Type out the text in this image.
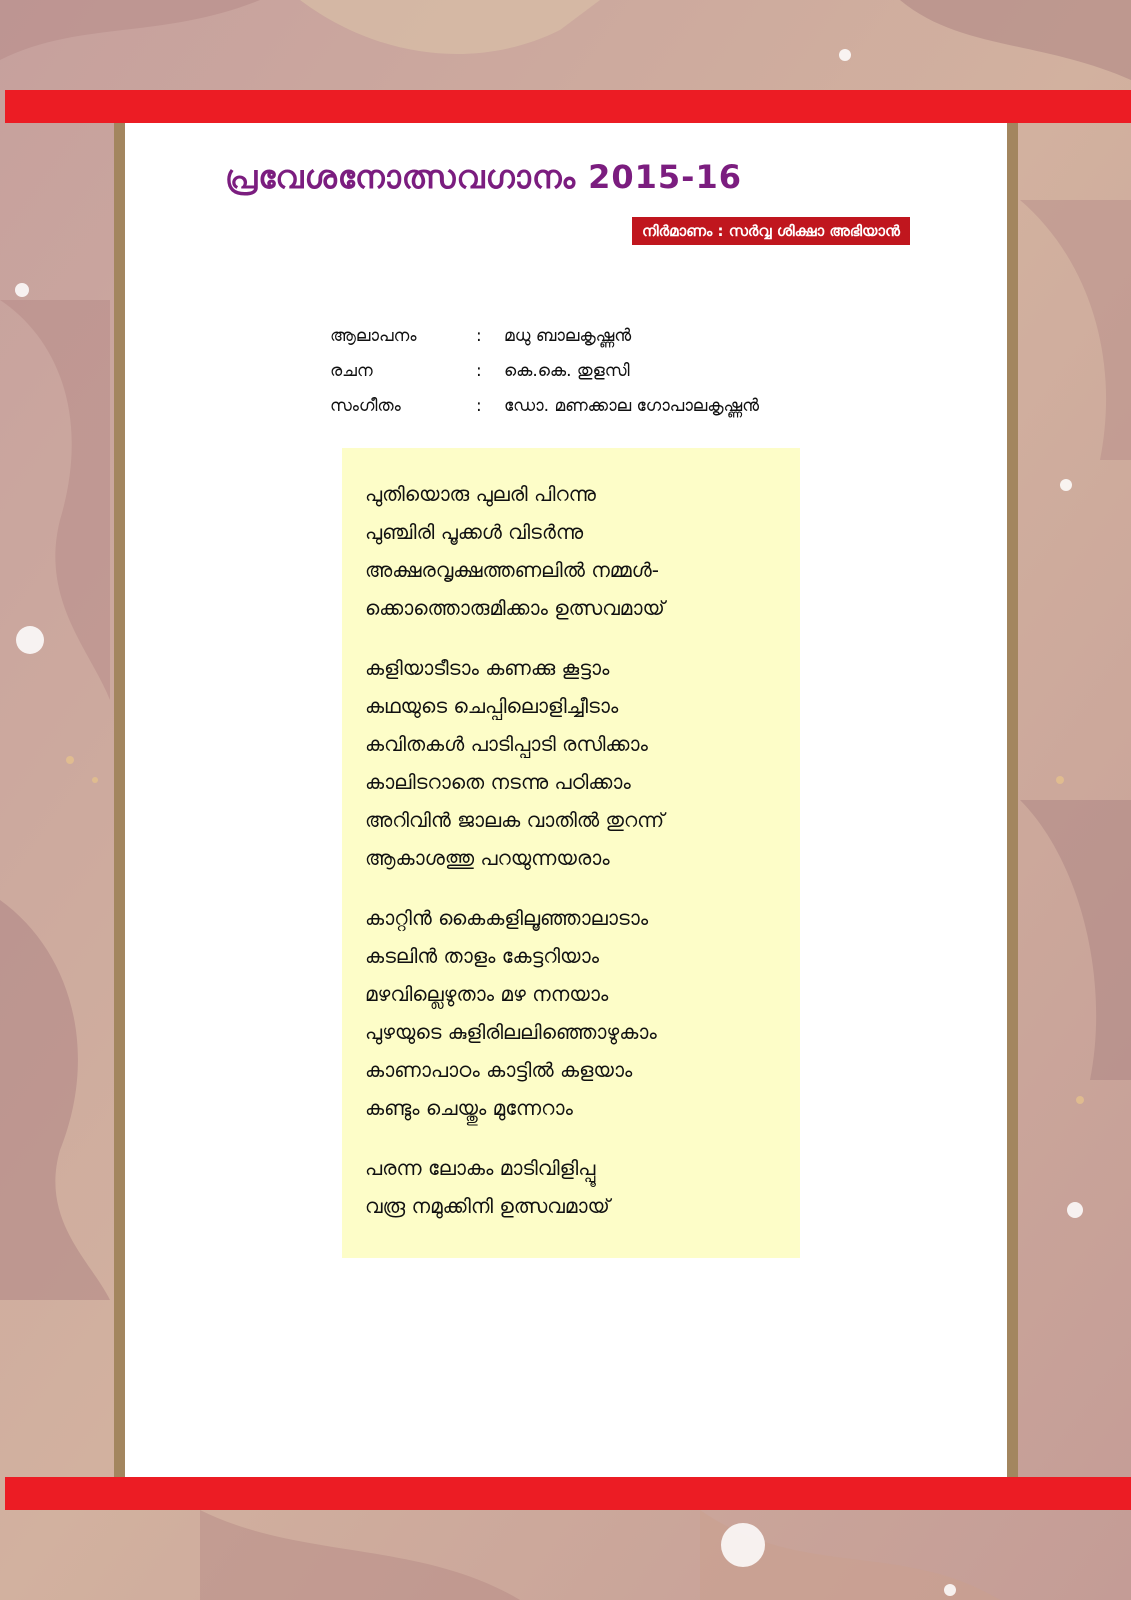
പ്രവേശനോത്സവഗാനം 2015-16
നിർമാണം : സർവ്വ ശിക്ഷാ അഭിയാൻ
ആലാപനം	:	മധു ബാലകൃഷ്ണൻ
രചന	:	കെ.കെ. തുളസി
സംഗീതം	:	ഡോ. മണക്കാല ഗോപാലകൃഷ്ണൻ
പുതിയൊരു പുലരി പിറന്നു
പുഞ്ചിരി പൂക്കൾ വിടർന്നു
അക്ഷരവൃക്ഷത്തണലിൽ നമ്മൾ-
ക്കൊത്തൊരുമിക്കാം ഉത്സവമായ്
കളിയാടീടാം കണക്കു കൂട്ടാം
കഥയുടെ ചെപ്പിലൊളിച്ചീടാം
കവിതകൾ പാടിപ്പാടി രസിക്കാം
കാലിടറാതെ നടന്നു പഠിക്കാം
അറിവിൻ ജാലക വാതിൽ തുറന്ന്
ആകാശത്തു പറയുന്നയരാം
കാറ്റിൻ കൈകളിലൂഞ്ഞാലാടാം
കടലിൻ താളം കേട്ടറിയാം
മഴവില്ലെഴുതാം മഴ നനയാം
പുഴയുടെ കുളിരിലലിഞ്ഞൊഴുകാം
കാണാപാഠം കാട്ടിൽ കളയാം
കണ്ടും ചെയ്തും മുന്നേറാം
പരന്ന ലോകം മാടിവിളിപ്പൂ
വരൂ നമുക്കിനി ഉത്സവമായ്
